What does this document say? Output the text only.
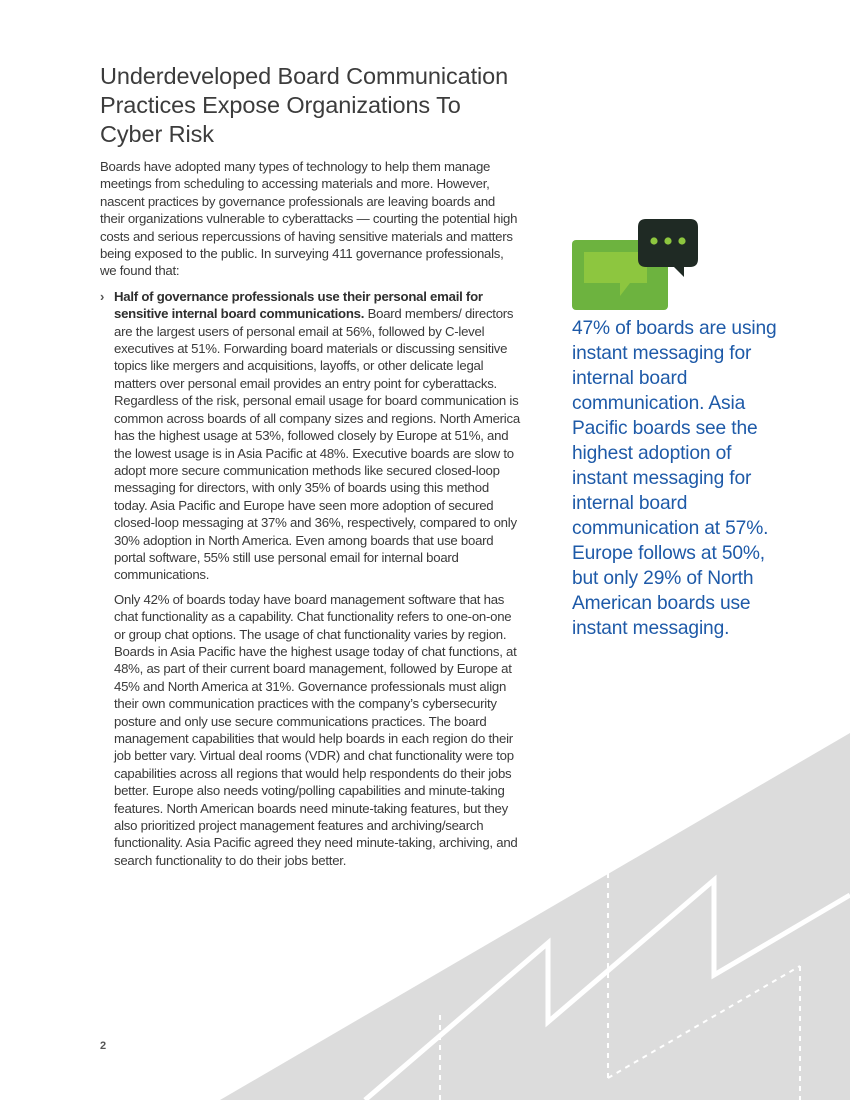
Underdeveloped Board Communication Practices Expose Organizations To Cyber Risk

Boards have adopted many types of technology to help them manage meetings from scheduling to accessing materials and more. However, nascent practices by governance professionals are leaving boards and their organizations vulnerable to cyberattacks — courting the potential high costs and serious repercussions of having sensitive materials and matters being exposed to the public. In surveying 411 governance professionals, we found that:

› Half of governance professionals use their personal email for sensitive internal board communications. Board members/ directors are the largest users of personal email at 56%, followed by C-level executives at 51%. Forwarding board materials or discussing sensitive topics like mergers and acquisitions, layoffs, or other delicate legal matters over personal email provides an entry point for cyberattacks. Regardless of the risk, personal email usage for board communication is common across boards of all company sizes and regions. North America has the highest usage at 53%, followed closely by Europe at 51%, and the lowest usage is in Asia Pacific at 48%. Executive boards are slow to adopt more secure communication methods like secured closed-loop messaging for directors, with only 35% of boards using this method today. Asia Pacific and Europe have seen more adoption of secured closed-loop messaging at 37% and 36%, respectively, compared to only 30% adoption in North America. Even among boards that use board portal software, 55% still use personal email for internal board communications.

Only 42% of boards today have board management software that has chat functionality as a capability. Chat functionality refers to one-on-one or group chat options. The usage of chat functionality varies by region. Boards in Asia Pacific have the highest usage today of chat functions, at 48%, as part of their current board management, followed by Europe at 45% and North America at 31%. Governance professionals must align their own communication practices with the company’s cybersecurity posture and only use secure communications practices. The board management capabilities that would help boards in each region do their job better vary. Virtual deal rooms (VDR) and chat functionality were top capabilities across all regions that would help respondents do their jobs better. Europe also needs voting/polling capabilities and minute-taking features. North American boards need minute-taking features, but they also prioritized project management features and archiving/search functionality. Asia Pacific agreed they need minute-taking, archiving, and search functionality to do their jobs better.

47% of boards are using instant messaging for internal board communication. Asia Pacific boards see the highest adoption of instant messaging for internal board communication at 57%. Europe follows at 50%, but only 29% of North American boards use instant messaging.

2
